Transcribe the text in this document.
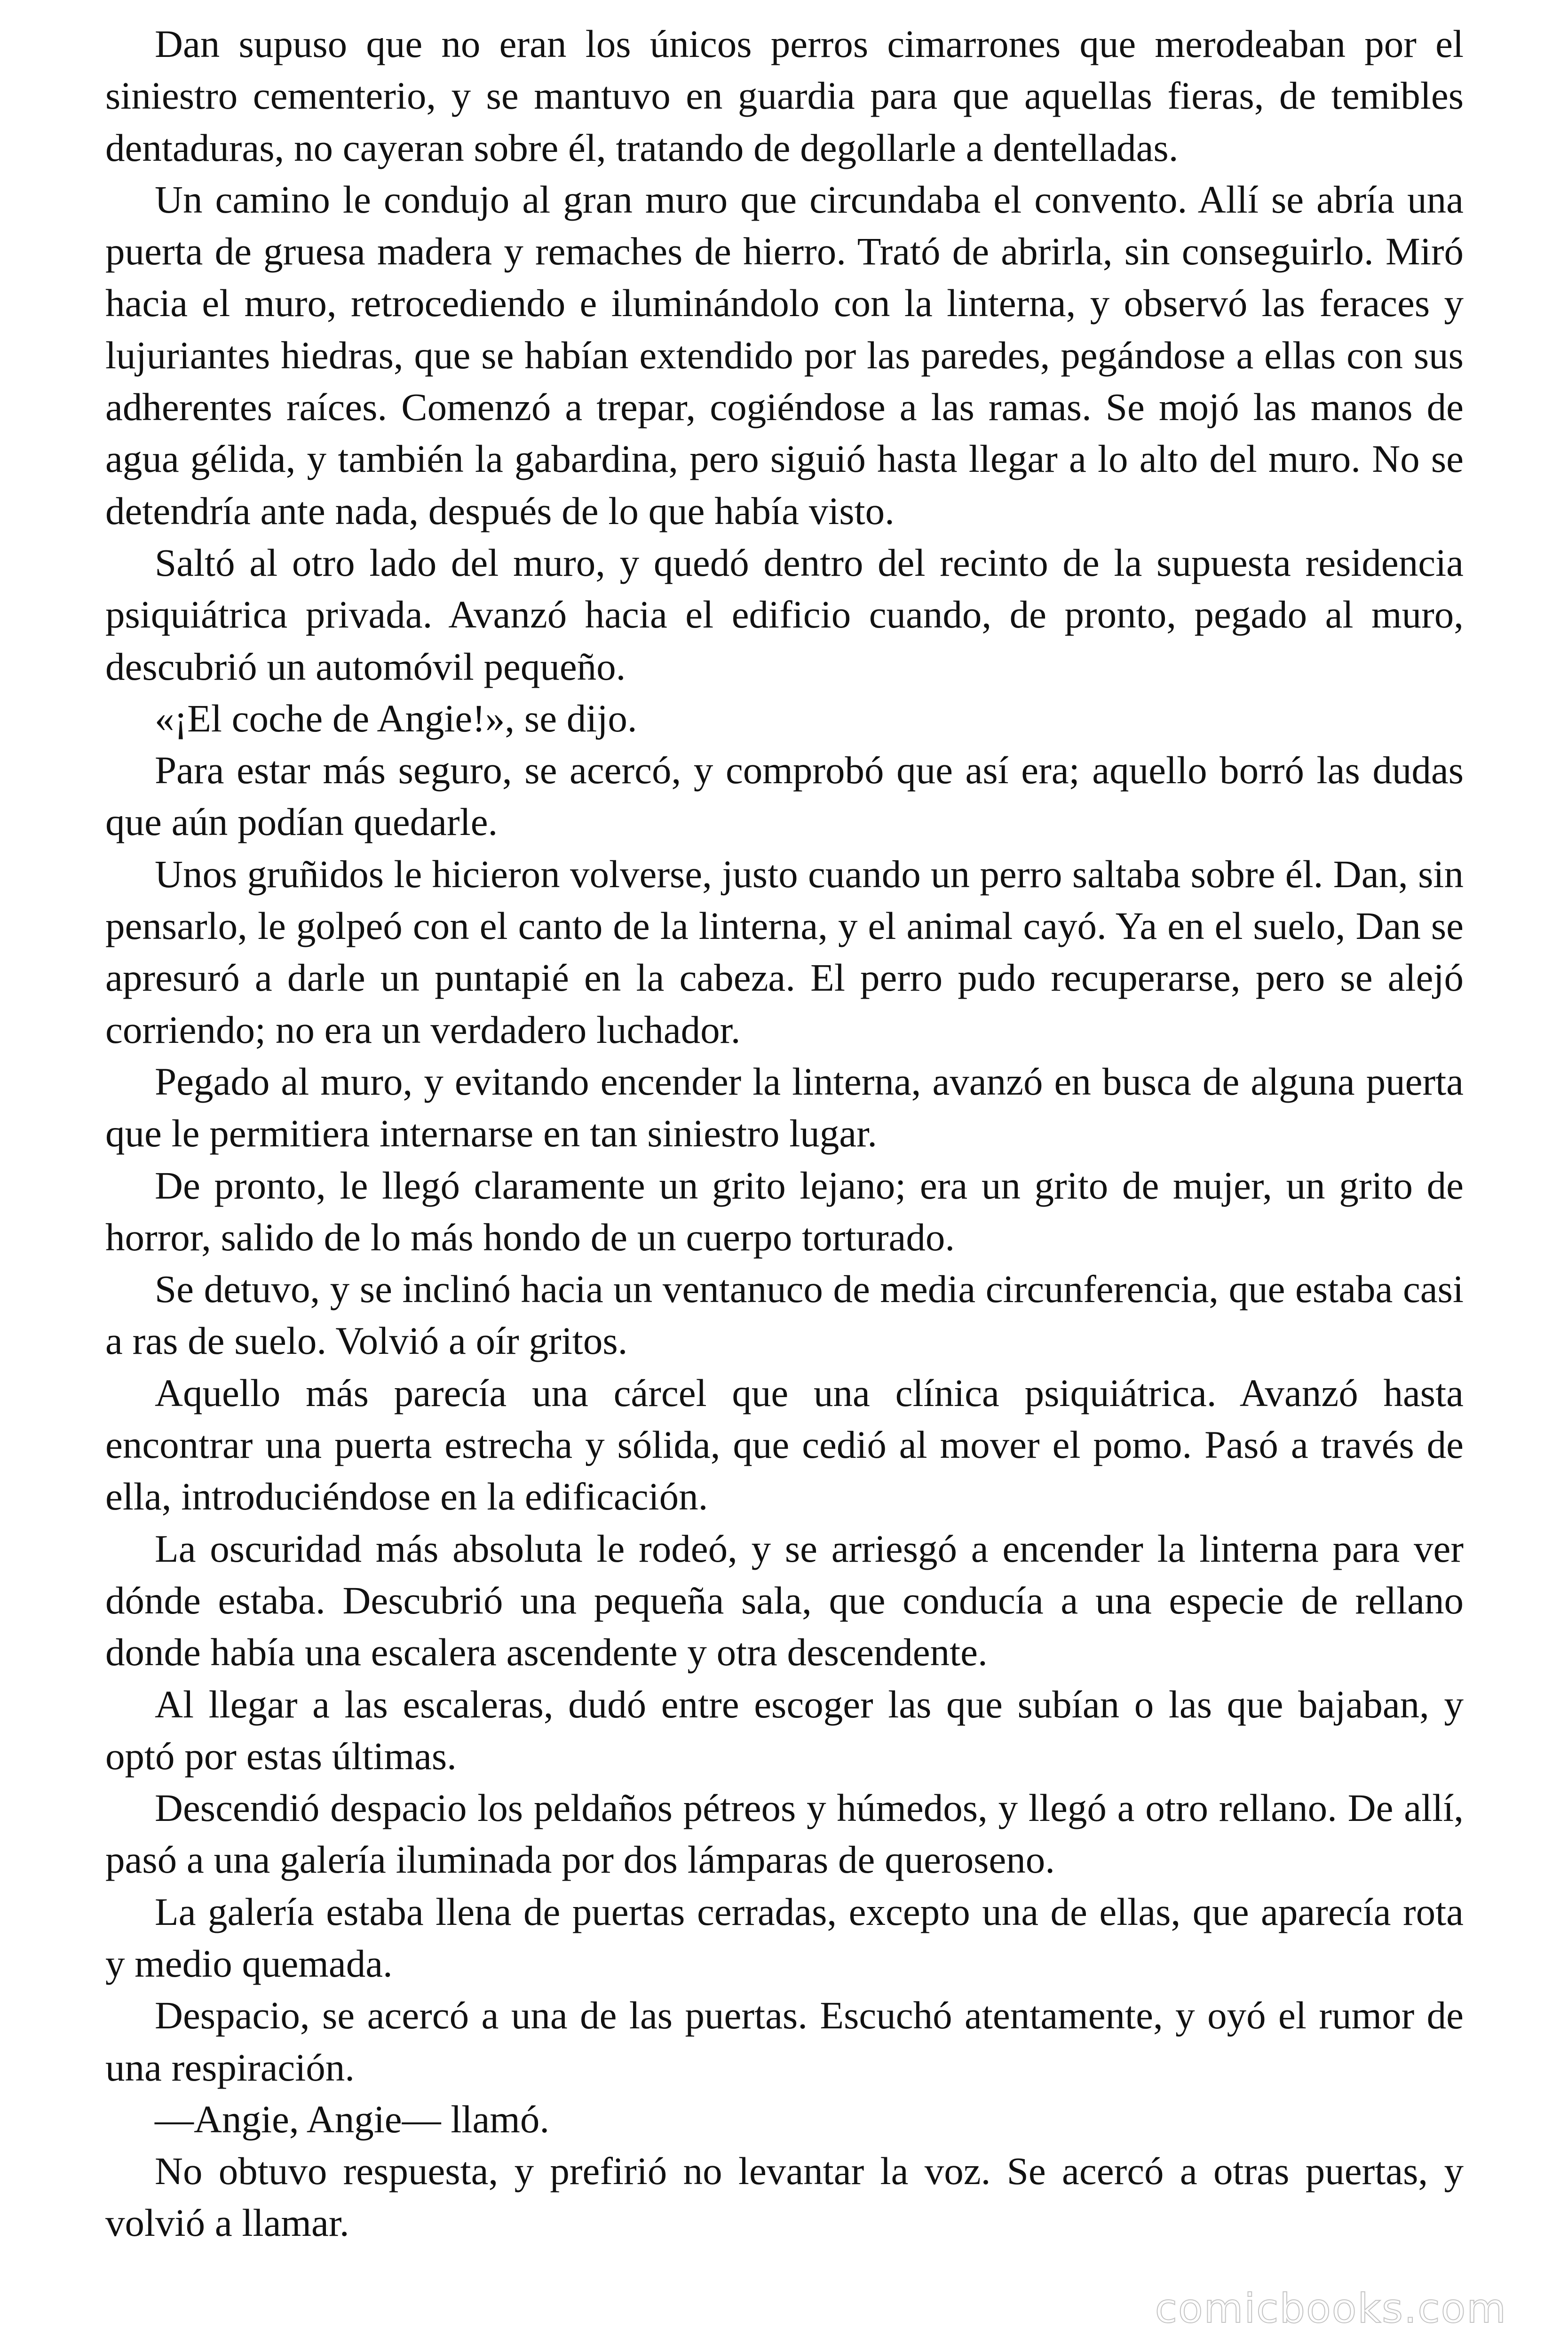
Dan supuso que no eran los únicos perros cimarrones que merodeaban por el siniestro cementerio, y se mantuvo en guardia para que aquellas fieras, de temibles dentaduras, no cayeran sobre él, tratando de degollarle a dentelladas.

Un camino le condujo al gran muro que circundaba el convento. Allí se abría una puerta de gruesa madera y remaches de hierro. Trató de abrirla, sin conseguirlo. Miró hacia el muro, retrocediendo e iluminándolo con la linterna, y observó las feraces y lujuriantes hiedras, que se habían extendido por las paredes, pegándose a ellas con sus adherentes raíces. Comenzó a trepar, cogiéndose a las ramas. Se mojó las manos de agua gélida, y también la gabardina, pero siguió hasta llegar a lo alto del muro. No se detendría ante nada, después de lo que había visto.

Saltó al otro lado del muro, y quedó dentro del recinto de la supuesta residencia psiquiátrica privada. Avanzó hacia el edificio cuando, de pronto, pegado al muro, descubrió un automóvil pequeño.

«¡El coche de Angie!», se dijo.

Para estar más seguro, se acercó, y comprobó que así era; aquello borró las dudas que aún podían quedarle.

Unos gruñidos le hicieron volverse, justo cuando un perro saltaba sobre él. Dan, sin pensarlo, le golpeó con el canto de la linterna, y el animal cayó. Ya en el suelo, Dan se apresuró a darle un puntapié en la cabeza. El perro pudo recuperarse, pero se alejó corriendo; no era un verdadero luchador.

Pegado al muro, y evitando encender la linterna, avanzó en busca de alguna puerta que le permitiera internarse en tan siniestro lugar.

De pronto, le llegó claramente un grito lejano; era un grito de mujer, un grito de horror, salido de lo más hondo de un cuerpo torturado.

Se detuvo, y se inclinó hacia un ventanuco de media circunferencia, que estaba casi a ras de suelo. Volvió a oír gritos.

Aquello más parecía una cárcel que una clínica psiquiátrica. Avanzó hasta encontrar una puerta estrecha y sólida, que cedió al mover el pomo. Pasó a través de ella, introduciéndose en la edificación.

La oscuridad más absoluta le rodeó, y se arriesgó a encender la linterna para ver dónde estaba. Descubrió una pequeña sala, que conducía a una especie de rellano donde había una escalera ascendente y otra descendente.

Al llegar a las escaleras, dudó entre escoger las que subían o las que bajaban, y optó por estas últimas.

Descendió despacio los peldaños pétreos y húmedos, y llegó a otro rellano. De allí, pasó a una galería iluminada por dos lámparas de queroseno.

La galería estaba llena de puertas cerradas, excepto una de ellas, que aparecía rota y medio quemada.

Despacio, se acercó a una de las puertas. Escuchó atentamente, y oyó el rumor de una respiración.

—Angie, Angie— llamó.

No obtuvo respuesta, y prefirió no levantar la voz. Se acercó a otras puertas, y volvió a llamar.

comicbooks.com
